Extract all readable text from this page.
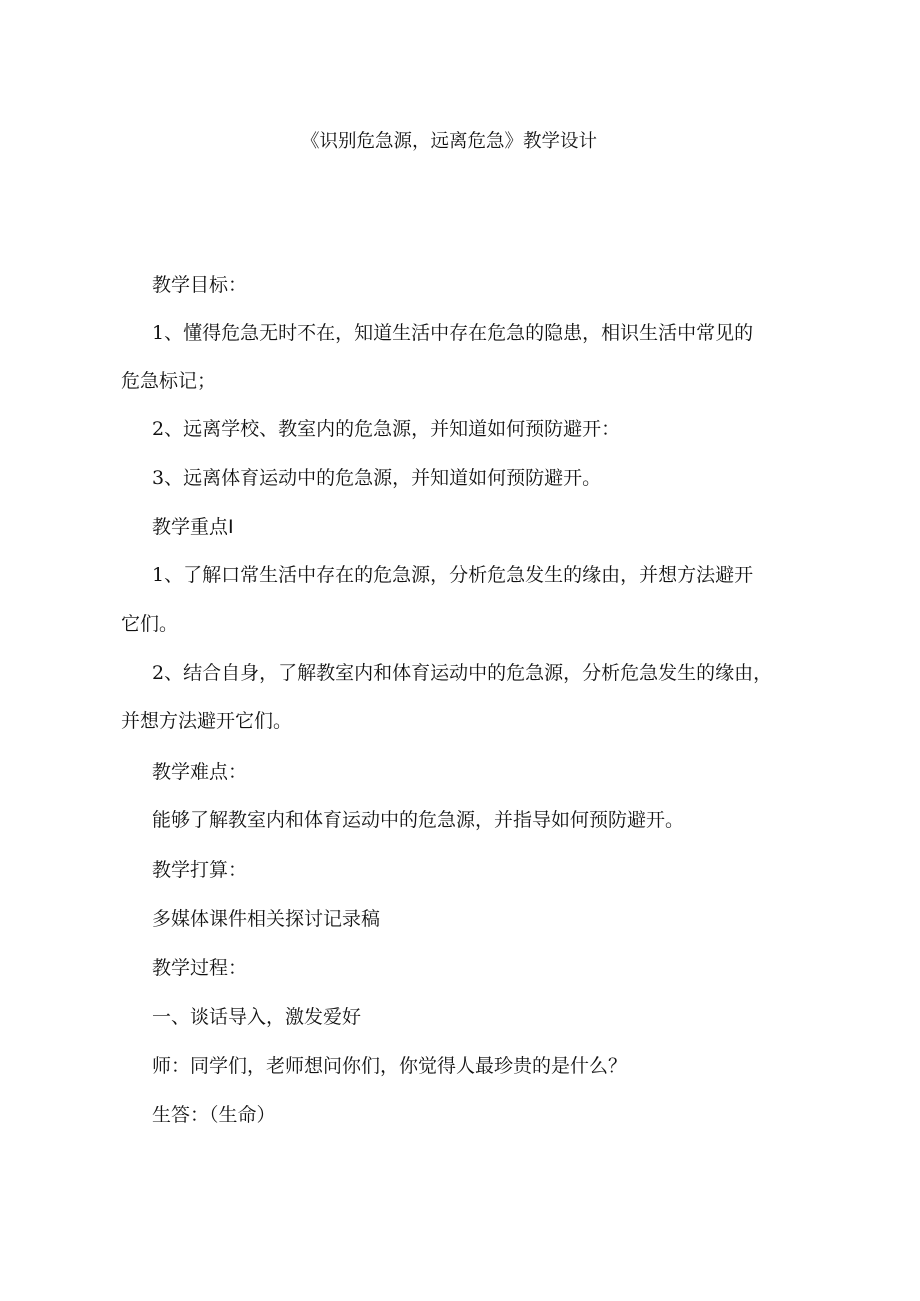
《识别危急源，远离危急》教学设计
教学目标：
1、懂得危急无时不在，知道生活中存在危急的隐患，相识生活中常见的
危急标记；
2、远离学校、教室内的危急源，并知道如何预防避开：
3、远离体育运动中的危急源，并知道如何预防避开。
教学重点I
1、了解口常生活中存在的危急源，分析危急发生的缘由，并想方法避开
它们。
2、结合自身，了解教室内和体育运动中的危急源，分析危急发生的缘由，
并想方法避开它们。
教学难点：
能够了解教室内和体育运动中的危急源，并指导如何预防避开。
教学打算：
多媒体课件相关探讨记录稿
教学过程：
一、谈话导入，激发爱好
师：同学们，老师想问你们，你觉得人最珍贵的是什么？
生答：（生命）
